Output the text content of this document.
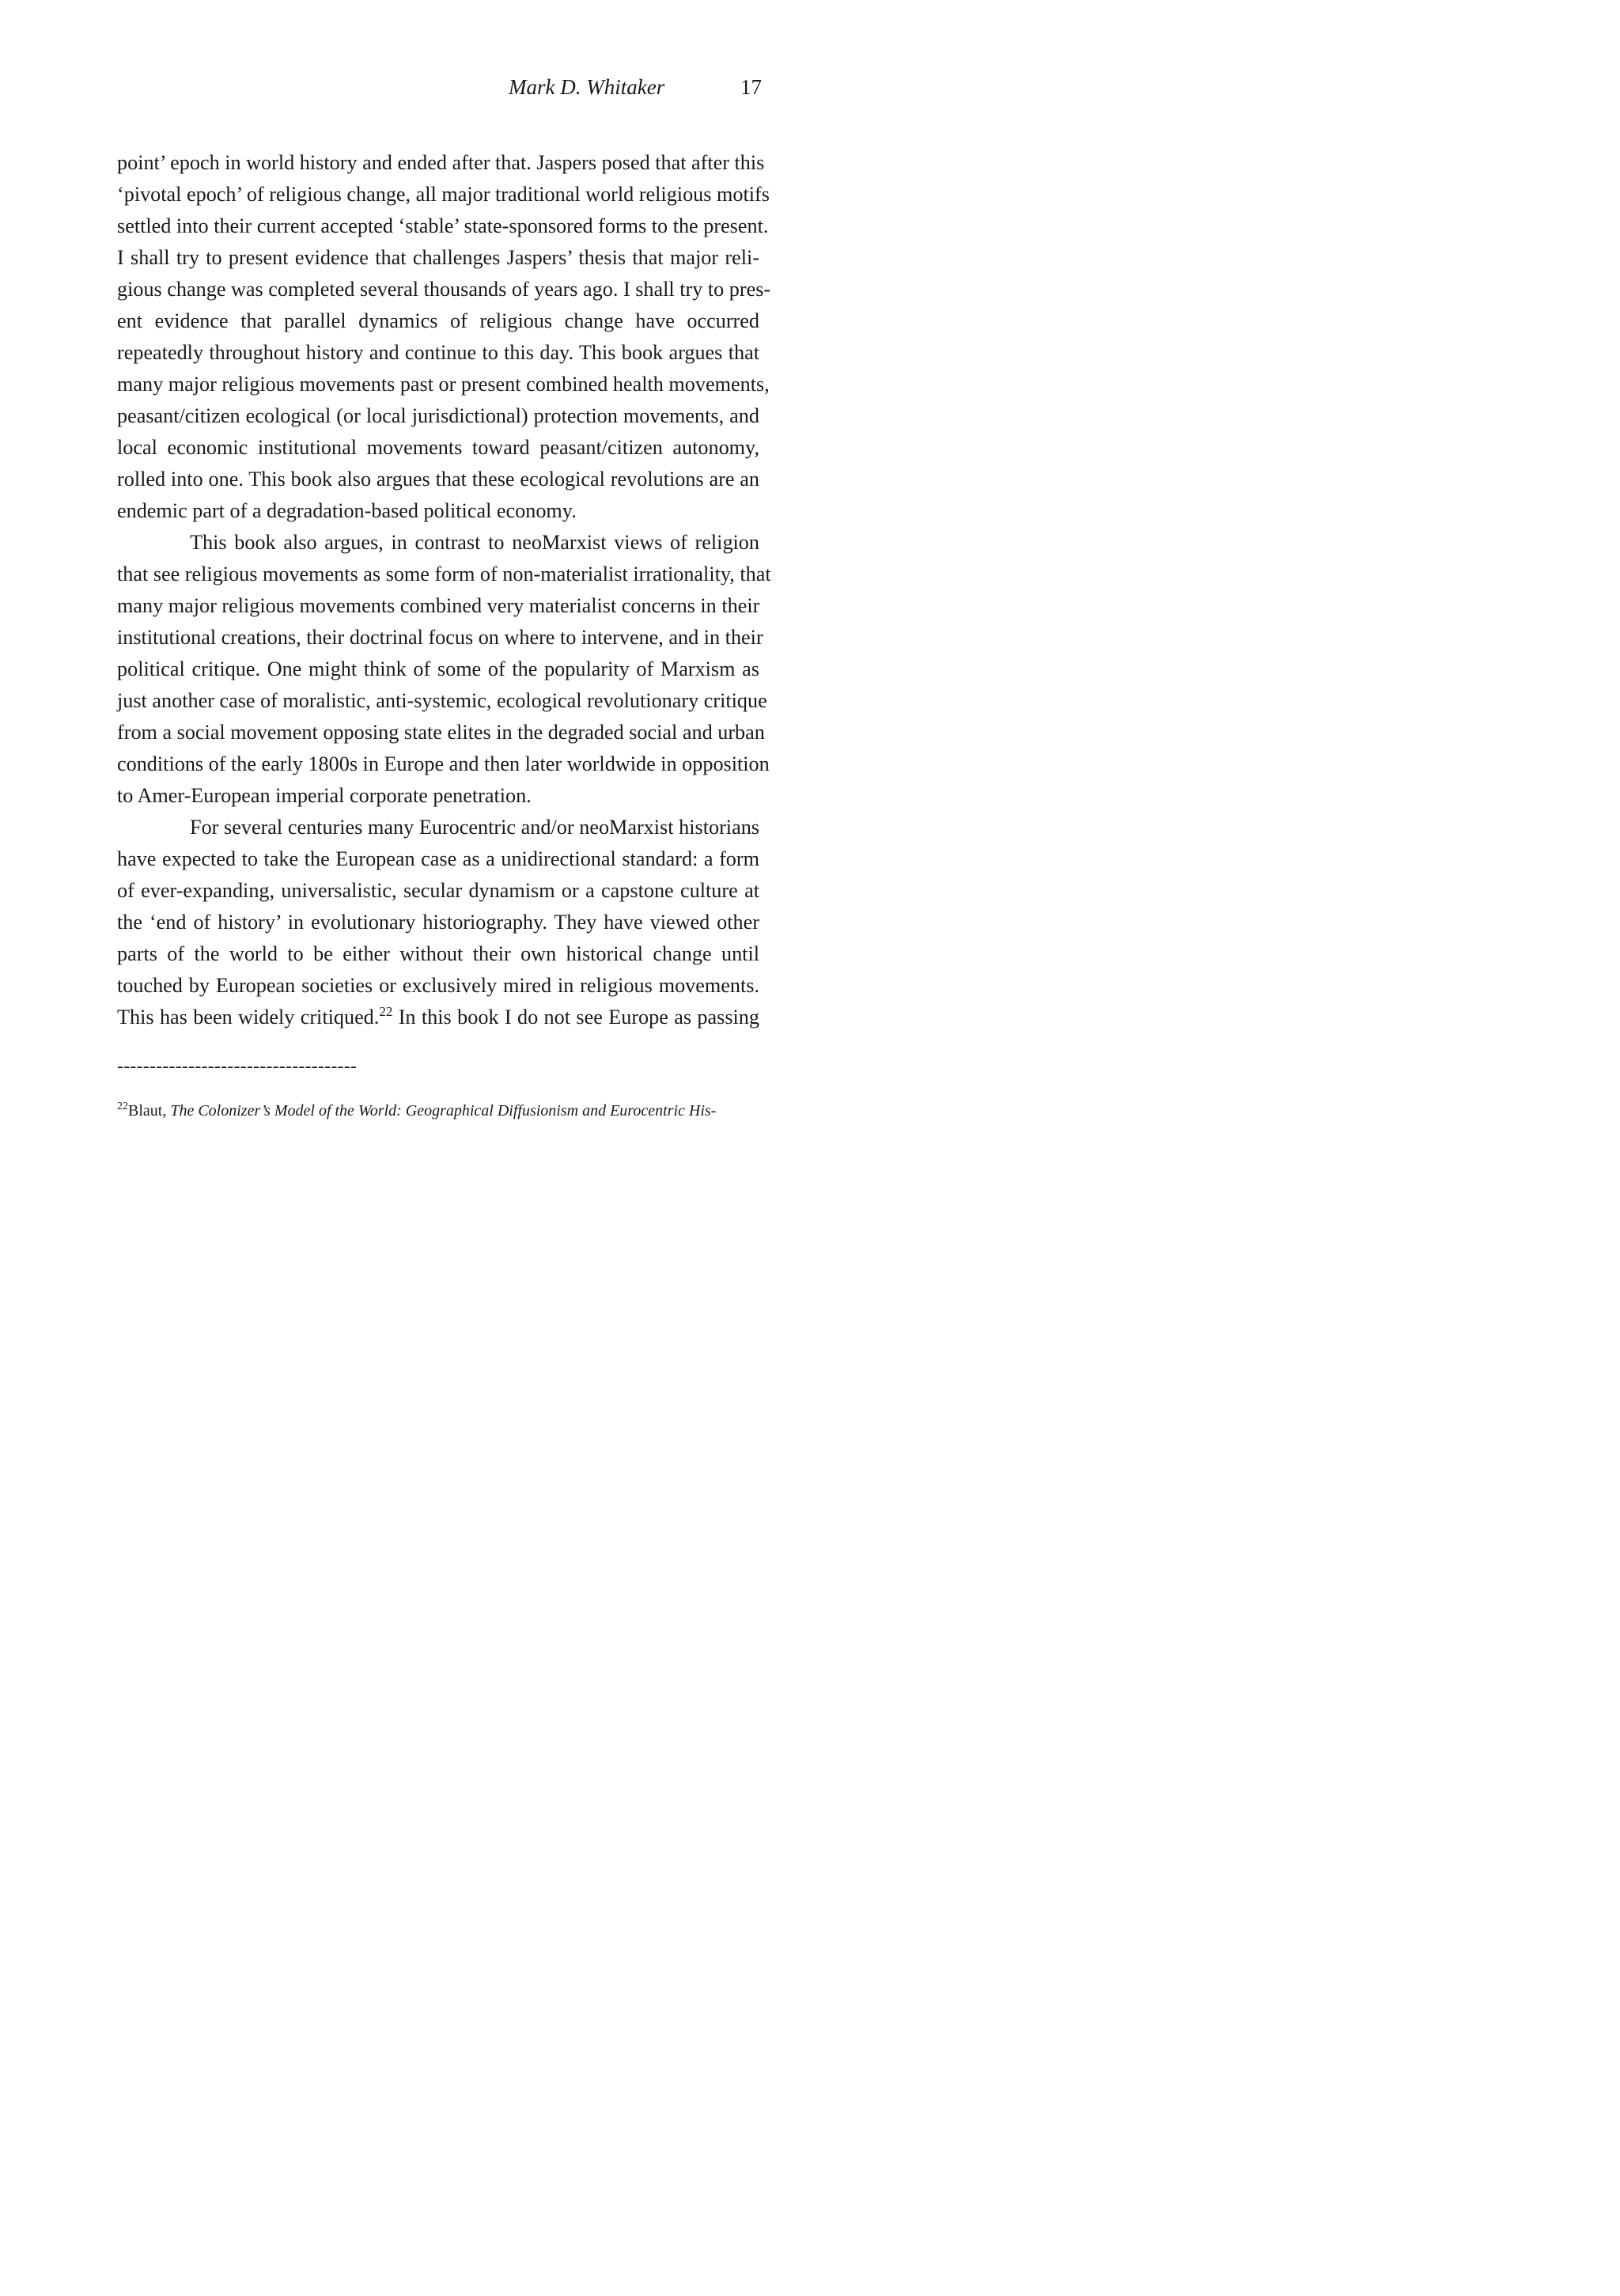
Mark D. Whitaker	17
point’ epoch in world history and ended after that. Jaspers posed that after this
‘pivotal epoch’ of religious change, all major traditional world religious motifs
settled into their current accepted ‘stable’ state-sponsored forms to the present.
I shall try to present evidence that challenges Jaspers’ thesis that major reli-
gious change was completed several thousands of years ago. I shall try to pres-
ent evidence that parallel dynamics of religious change have occurred
repeatedly throughout history and continue to this day. This book argues that
many major religious movements past or present combined health movements,
peasant/citizen ecological (or local jurisdictional) protection movements, and
local economic institutional movements toward peasant/citizen autonomy,
rolled into one. This book also argues that these ecological revolutions are an
endemic part of a degradation-based political economy.
This book also argues, in contrast to neoMarxist views of religion
that see religious movements as some form of non-materialist irrationality, that
many major religious movements combined very materialist concerns in their
institutional creations, their doctrinal focus on where to intervene, and in their
political critique. One might think of some of the popularity of Marxism as
just another case of moralistic, anti-systemic, ecological revolutionary critique
from a social movement opposing state elites in the degraded social and urban
conditions of the early 1800s in Europe and then later worldwide in opposition
to Amer-European imperial corporate penetration.
For several centuries many Eurocentric and/or neoMarxist historians
have expected to take the European case as a unidirectional standard: a form
of ever-expanding, universalistic, secular dynamism or a capstone culture at
the ‘end of history’ in evolutionary historiography. They have viewed other
parts of the world to be either without their own historical change until
touched by European societies or exclusively mired in religious movements.
This has been widely critiqued.$^{22}$ In this book I do not see Europe as passing
-------------------------------------
$^{22}$Blaut, The Colonizer’s Model of the World: Geographical Diffusionism and Eurocentric His-
